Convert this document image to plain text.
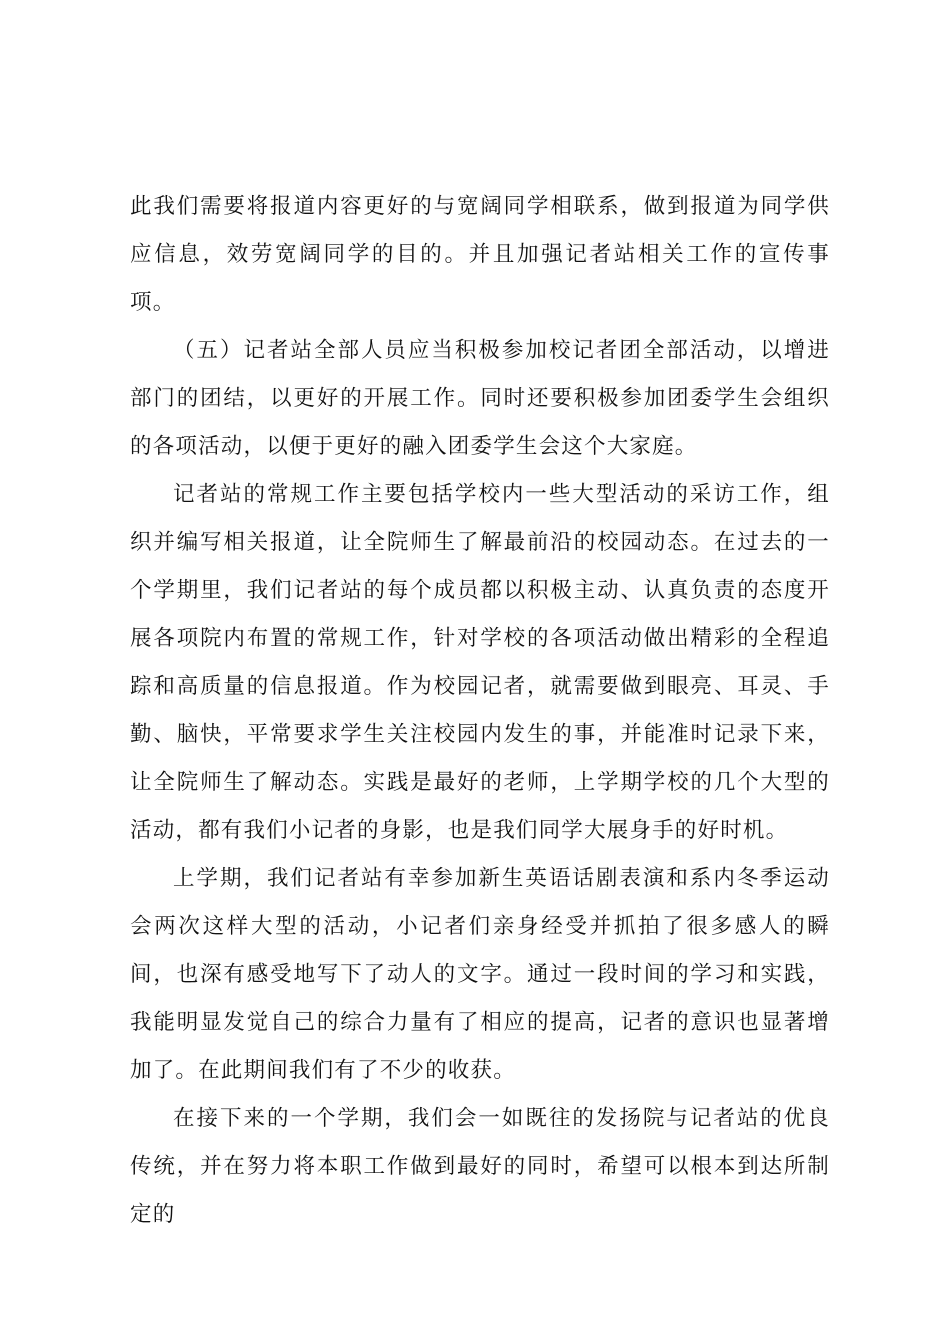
此我们需要将报道内容更好的与宽阔同学相联系，做到报道为同学供应信息，效劳宽阔同学的目的。并且加强记者站相关工作的宣传事项。

（五）记者站全部人员应当积极参加校记者团全部活动，以增进部门的团结，以更好的开展工作。同时还要积极参加团委学生会组织的各项活动，以便于更好的融入团委学生会这个大家庭。

记者站的常规工作主要包括学校内一些大型活动的采访工作，组织并编写相关报道，让全院师生了解最前沿的校园动态。在过去的一个学期里，我们记者站的每个成员都以积极主动、认真负责的态度开展各项院内布置的常规工作，针对学校的各项活动做出精彩的全程追踪和高质量的信息报道。作为校园记者，就需要做到眼亮、耳灵、手勤、脑快，平常要求学生关注校园内发生的事，并能准时记录下来，让全院师生了解动态。实践是最好的老师，上学期学校的几个大型的活动，都有我们小记者的身影，也是我们同学大展身手的好时机。

上学期，我们记者站有幸参加新生英语话剧表演和系内冬季运动会两次这样大型的活动，小记者们亲身经受并抓拍了很多感人的瞬间，也深有感受地写下了动人的文字。通过一段时间的学习和实践，我能明显发觉自己的综合力量有了相应的提高，记者的意识也显著增加了。在此期间我们有了不少的收获。

在接下来的一个学期，我们会一如既往的发扬院与记者站的优良传统，并在努力将本职工作做到最好的同时，希望可以根本到达所制定的
